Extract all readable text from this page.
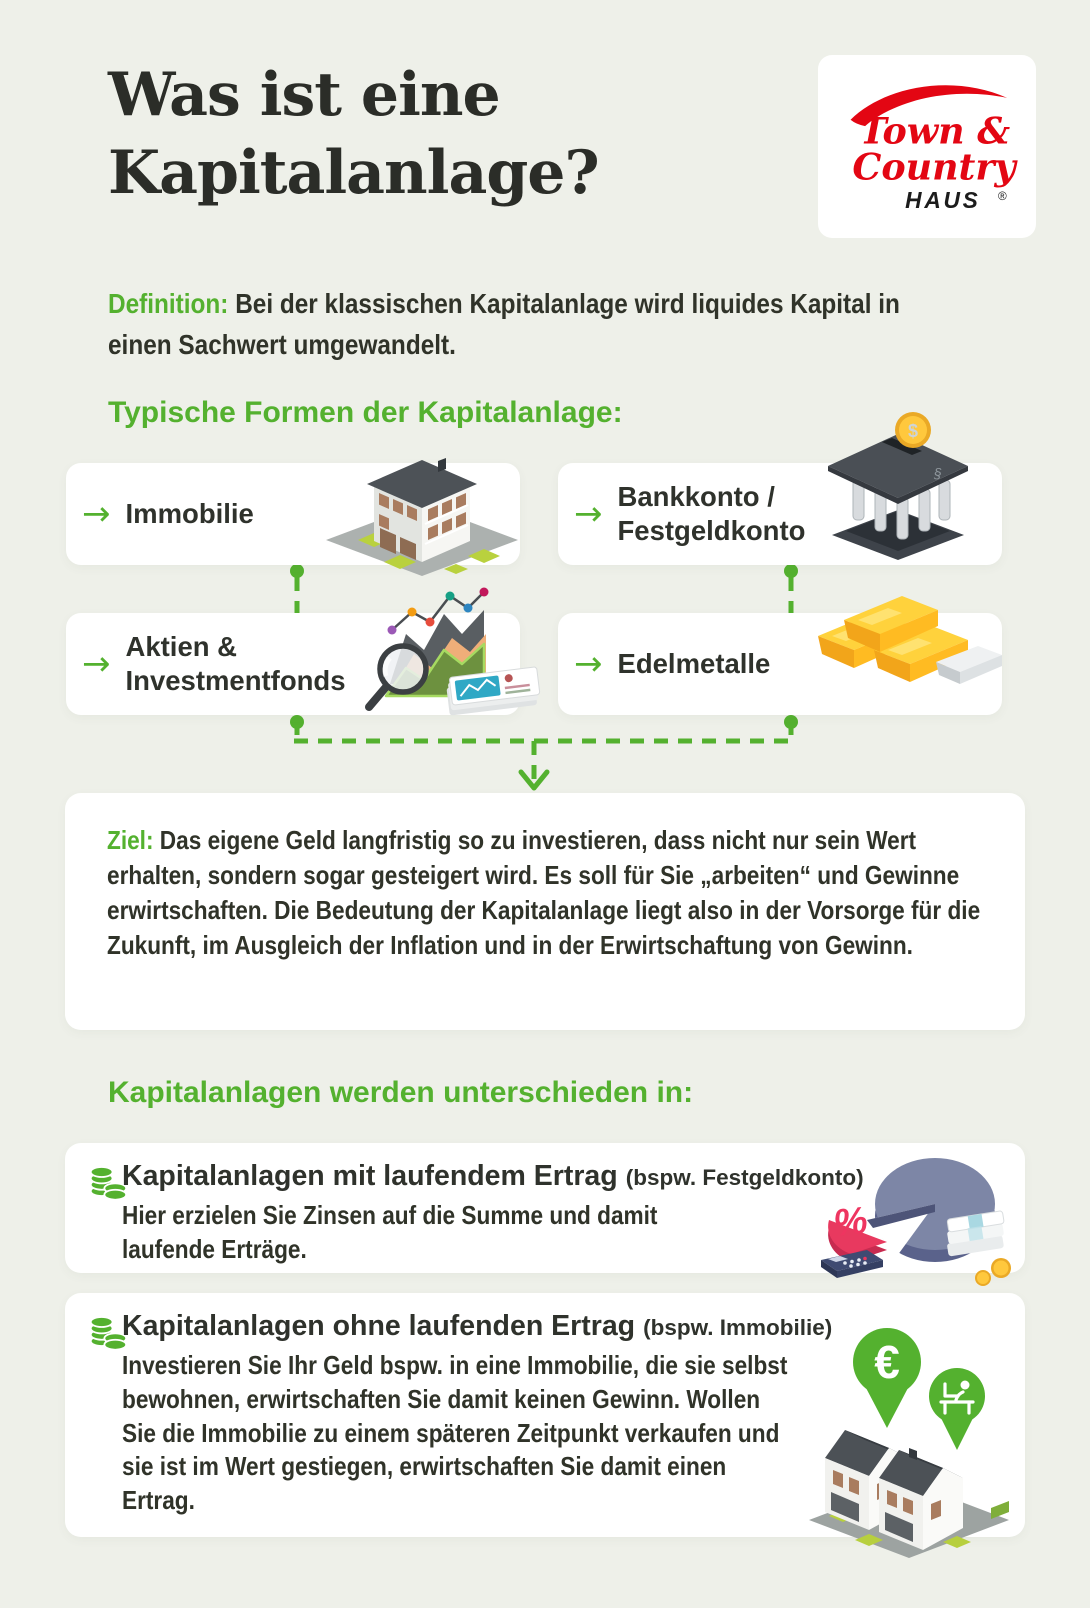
Was ist eine
Kapitalanlage?
Town &
Country
HAUS ®

Definition: Bei der klassischen Kapitalanlage wird liquides Kapital in einen Sachwert umgewandelt.

Typische Formen der Kapitalanlage:
→ Immobilie	→ Bankkonto / Festgeldkonto
→ Aktien & Investmentfonds	→ Edelmetalle
$
§

Ziel: Das eigene Geld langfristig so zu investieren, dass nicht nur sein Wert erhalten, sondern sogar gesteigert wird. Es soll für Sie „arbeiten“ und Gewinne erwirtschaften. Die Bedeutung der Kapitalanlage liegt also in der Vorsorge für die Zukunft, im Ausgleich der Inflation und in der Erwirtschaftung von Gewinn.

Kapitalanlagen werden unterschieden in:
Kapitalanlagen mit laufendem Ertrag (bspw. Festgeldkonto)

Hier erzielen Sie Zinsen auf die Summe und damit laufende Erträge.

%
Kapitalanlagen ohne laufenden Ertrag (bspw. Immobilie)

Investieren Sie Ihr Geld bspw. in eine Immobilie, die sie selbst bewohnen, erwirtschaften Sie damit keinen Gewinn. Wollen Sie die Immobilie zu einem späteren Zeitpunkt verkaufen und sie ist im Wert gestiegen, erwirtschaften Sie damit einen Ertrag.

€
